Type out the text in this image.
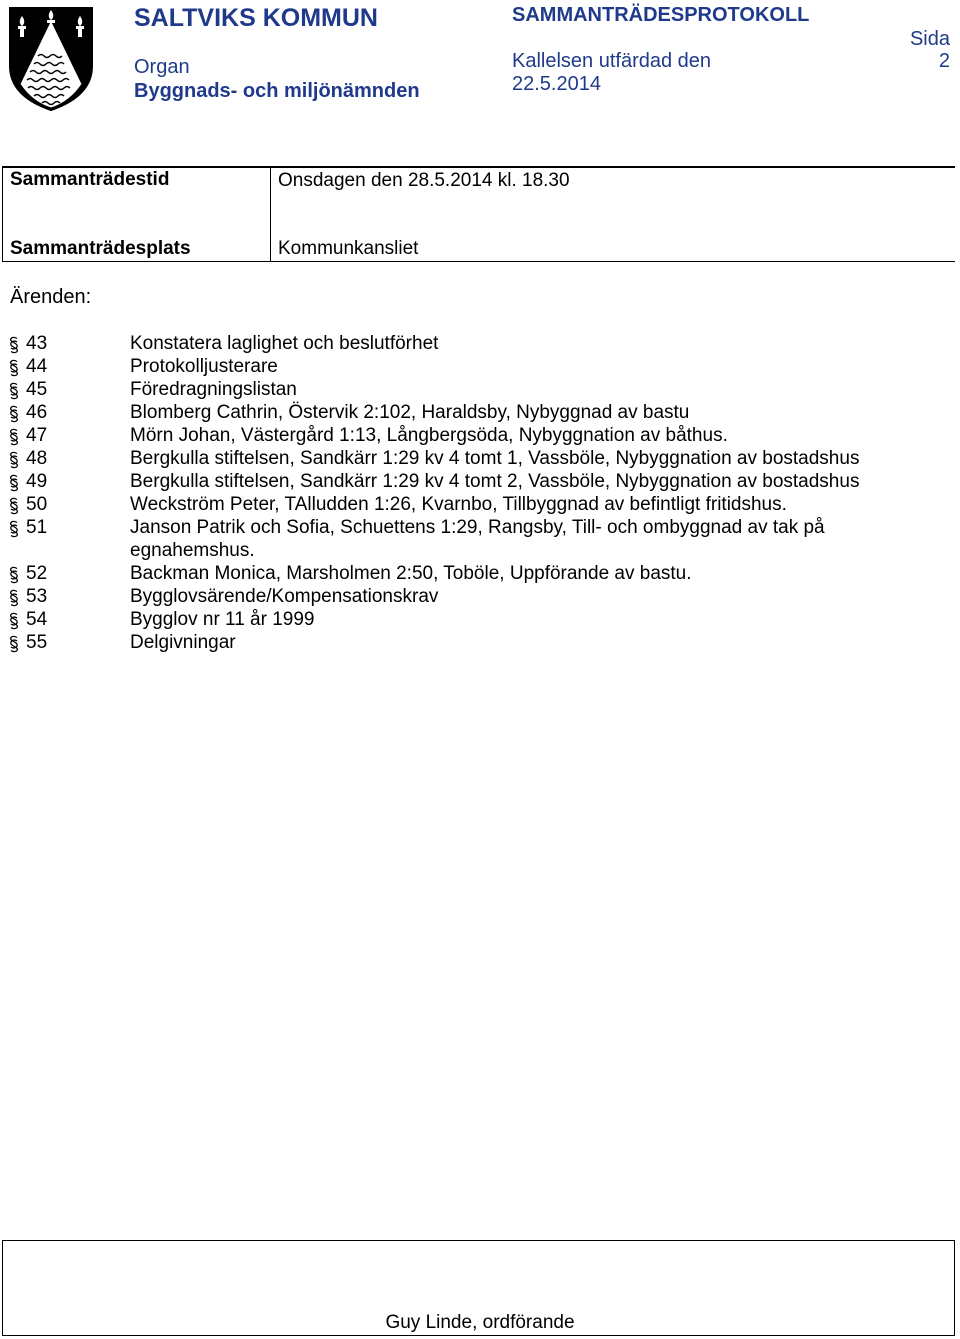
SALTVIKS KOMMUN
Organ
Byggnads- och miljönämnden
SAMMANTRÄDESPROTOKOLL
Kallelsen utfärdad den
22.5.2014
Sida
2
Sammanträdestid	Onsdagen den 28.5.2014 kl. 18.30
Sammanträdesplats	Kommunkansliet
Ärenden:
43	Konstatera laglighet och beslutförhet
44	Protokolljusterare
45	Föredragningslistan
46	Blomberg Cathrin, Östervik 2:102, Haraldsby, Nybyggnad av bastu
47	Mörn Johan, Västergård 1:13, Långbergsöda, Nybyggnation av båthus.
48	Bergkulla stiftelsen, Sandkärr 1:29 kv 4 tomt 1, Vassböle, Nybyggnation av bostadshus
49	Bergkulla stiftelsen, Sandkärr 1:29 kv 4 tomt 2, Vassböle, Nybyggnation av bostadshus
50	Weckström Peter, TAlludden 1:26, Kvarnbo, Tillbyggnad av befintligt fritidshus.
51	Janson Patrik och Sofia, Schuettens 1:29, Rangsby, Till- och ombyggnad av tak på egnahemshus.
52	Backman Monica, Marsholmen 2:50, Toböle, Uppförande av bastu.
53	Bygglovsärende/Kompensationskrav
54	Bygglov nr 11 år 1999
55	Delgivningar
Guy Linde, ordförande
